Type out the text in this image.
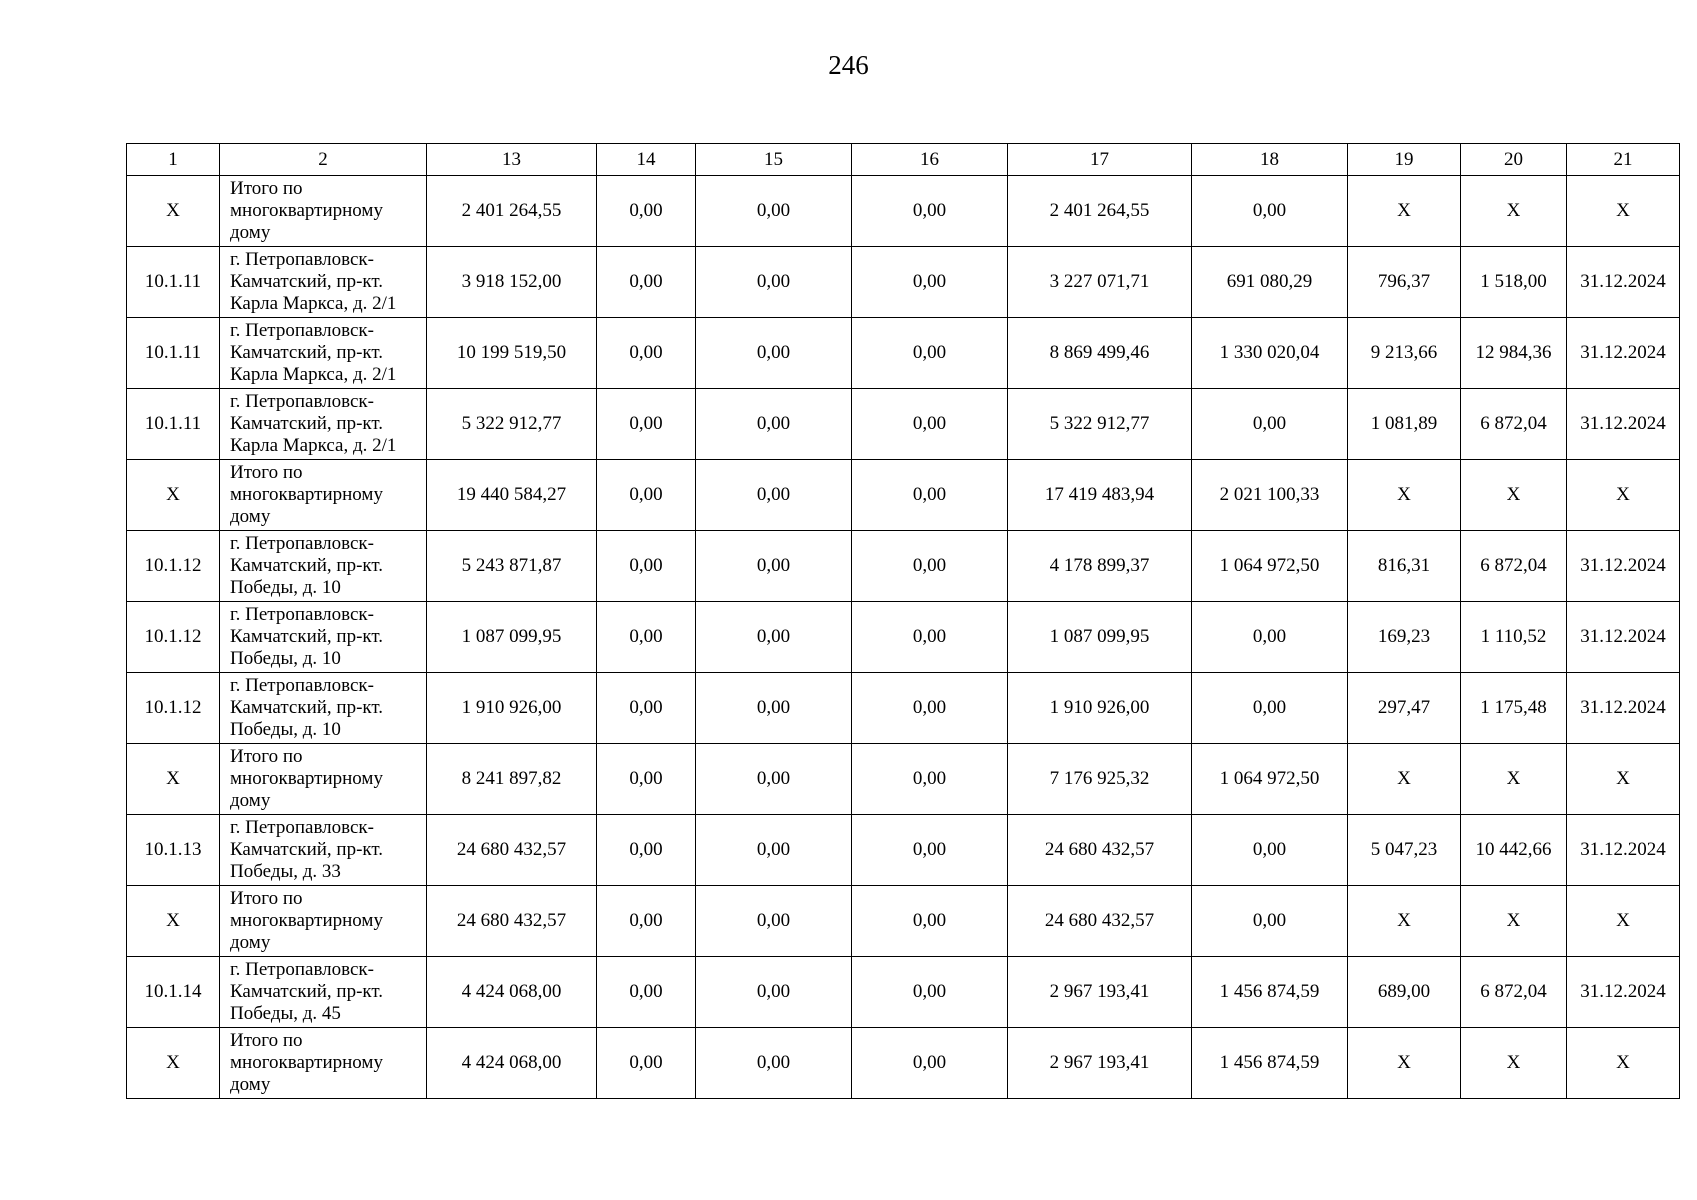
246
1	2	13	14	15	16	17	18	19	20	21
X	Итого по многоквартирному дому	2 401 264,55	0,00	0,00	0,00	2 401 264,55	0,00	X	X	X
10.1.11	г. Петропавловск-Камчатский, пр-кт. Карла Маркса, д. 2/1	3 918 152,00	0,00	0,00	0,00	3 227 071,71	691 080,29	796,37	1 518,00	31.12.2024
10.1.11	г. Петропавловск-Камчатский, пр-кт. Карла Маркса, д. 2/1	10 199 519,50	0,00	0,00	0,00	8 869 499,46	1 330 020,04	9 213,66	12 984,36	31.12.2024
10.1.11	г. Петропавловск-Камчатский, пр-кт. Карла Маркса, д. 2/1	5 322 912,77	0,00	0,00	0,00	5 322 912,77	0,00	1 081,89	6 872,04	31.12.2024
X	Итого по многоквартирному дому	19 440 584,27	0,00	0,00	0,00	17 419 483,94	2 021 100,33	X	X	X
10.1.12	г. Петропавловск-Камчатский, пр-кт. Победы, д. 10	5 243 871,87	0,00	0,00	0,00	4 178 899,37	1 064 972,50	816,31	6 872,04	31.12.2024
10.1.12	г. Петропавловск-Камчатский, пр-кт. Победы, д. 10	1 087 099,95	0,00	0,00	0,00	1 087 099,95	0,00	169,23	1 110,52	31.12.2024
10.1.12	г. Петропавловск-Камчатский, пр-кт. Победы, д. 10	1 910 926,00	0,00	0,00	0,00	1 910 926,00	0,00	297,47	1 175,48	31.12.2024
X	Итого по многоквартирному дому	8 241 897,82	0,00	0,00	0,00	7 176 925,32	1 064 972,50	X	X	X
10.1.13	г. Петропавловск-Камчатский, пр-кт. Победы, д. 33	24 680 432,57	0,00	0,00	0,00	24 680 432,57	0,00	5 047,23	10 442,66	31.12.2024
X	Итого по многоквартирному дому	24 680 432,57	0,00	0,00	0,00	24 680 432,57	0,00	X	X	X
10.1.14	г. Петропавловск-Камчатский, пр-кт. Победы, д. 45	4 424 068,00	0,00	0,00	0,00	2 967 193,41	1 456 874,59	689,00	6 872,04	31.12.2024
X	Итого по многоквартирному дому	4 424 068,00	0,00	0,00	0,00	2 967 193,41	1 456 874,59	X	X	X
